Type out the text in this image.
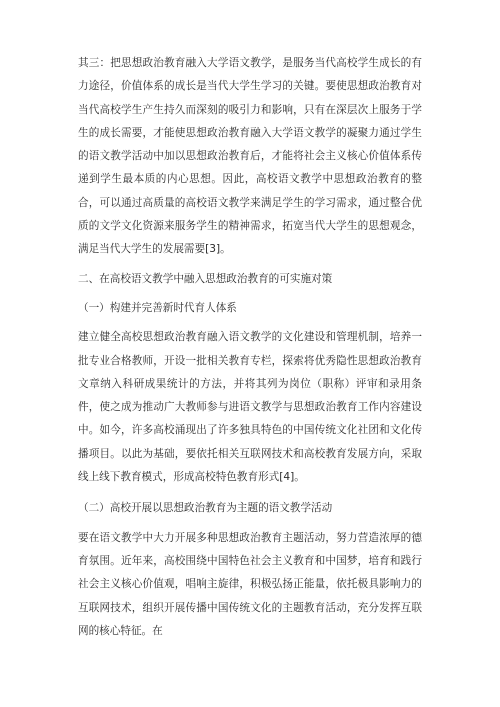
其三：把思想政治教育融入大学语文教学，是服务当代高校学生成长的有力途径，价值体系的成长是当代大学生学习的关键。要使思想政治教育对当代高校学生产生持久而深刻的吸引力和影响，只有在深层次上服务于学生的成长需要，才能使思想政治教育融入大学语文教学的凝聚力通过学生的语文教学活动中加以思想政治教育后，才能将社会主义核心价值体系传递到学生最本质的内心思想。因此，高校语文教学中思想政治教育的整合，可以通过高质量的高校语文教学来满足学生的学习需求，通过整合优质的文学文化资源来服务学生的精神需求，拓宽当代大学生的思想观念，满足当代大学生的发展需要[3]。

二、在高校语文教学中融入思想政治教育的可实施对策

（一）构建并完善新时代育人体系

建立健全高校思想政治教育融入语文教学的文化建设和管理机制，培养一批专业合格教师，开设一批相关教育专栏，探索将优秀隐性思想政治教育文章纳入科研成果统计的方法，并将其列为岗位（职称）评审和录用条件，使之成为推动广大教师参与进语文教学与思想政治教育工作内容建设中。如今，许多高校涌现出了许多独具特色的中国传统文化社团和文化传播项目。以此为基础，要依托相关互联网技术和高校教育发展方向，采取线上线下教育模式，形成高校特色教育形式[4]。

（二）高校开展以思想政治教育为主题的语文教学活动

要在语文教学中大力开展多种思想政治教育主题活动，努力营造浓厚的德育氛围。近年来，高校围绕中国特色社会主义教育和中国梦，培育和践行社会主义核心价值观，唱响主旋律，积极弘扬正能量，依托极具影响力的互联网技术，组织开展传播中国传统文化的主题教育活动，充分发挥互联网的核心特征。在
